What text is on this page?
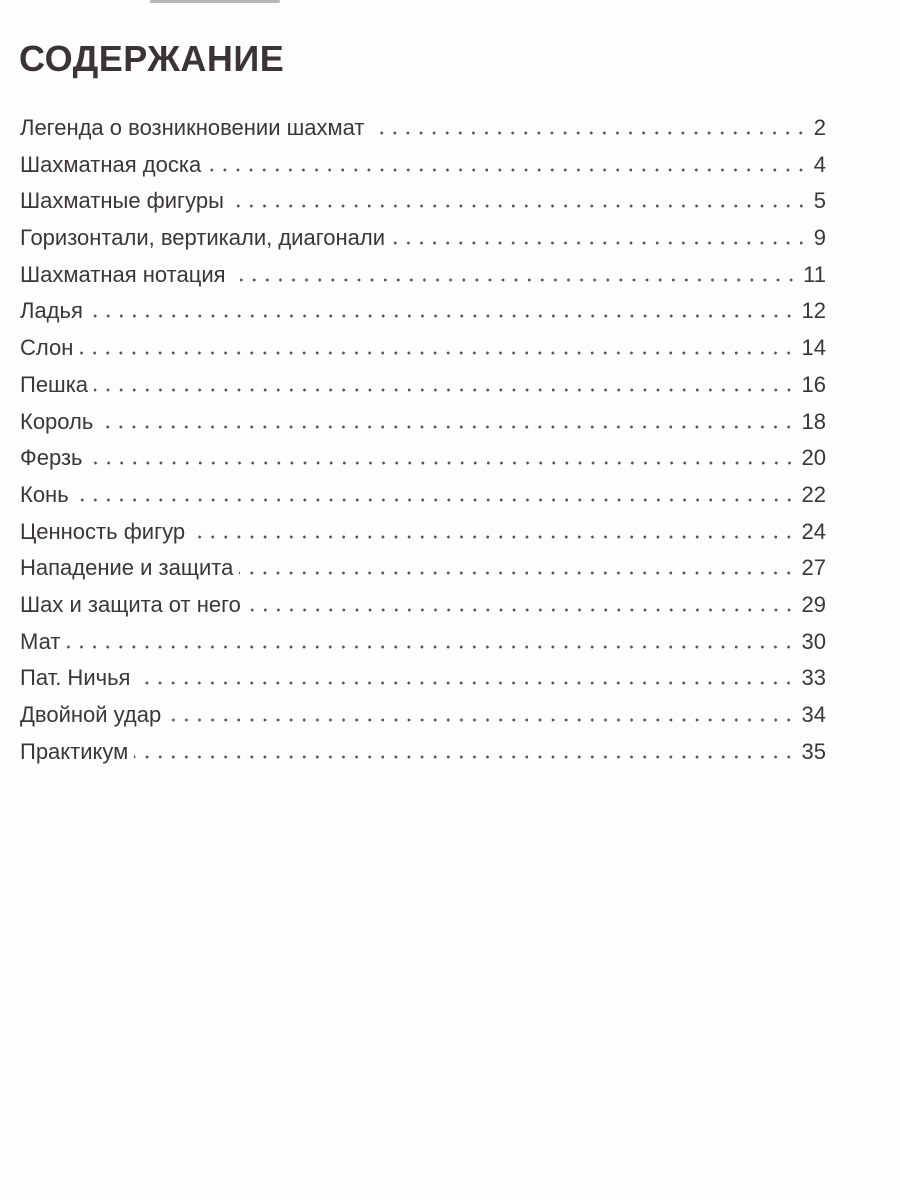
СОДЕРЖАНИЕ
Легенда о возникновении шахмат	2
Шахматная доска	4
Шахматные фигуры	5
Горизонтали, вертикали, диагонали	9
Шахматная нотация	11
Ладья	12
Слон	14
Пешка	16
Король	18
Ферзь	20
Конь	22
Ценность фигур	24
Нападение и защита	27
Шах и защита от него	29
Мат	30
Пат. Ничья	33
Двойной удар	34
Практикум	35
